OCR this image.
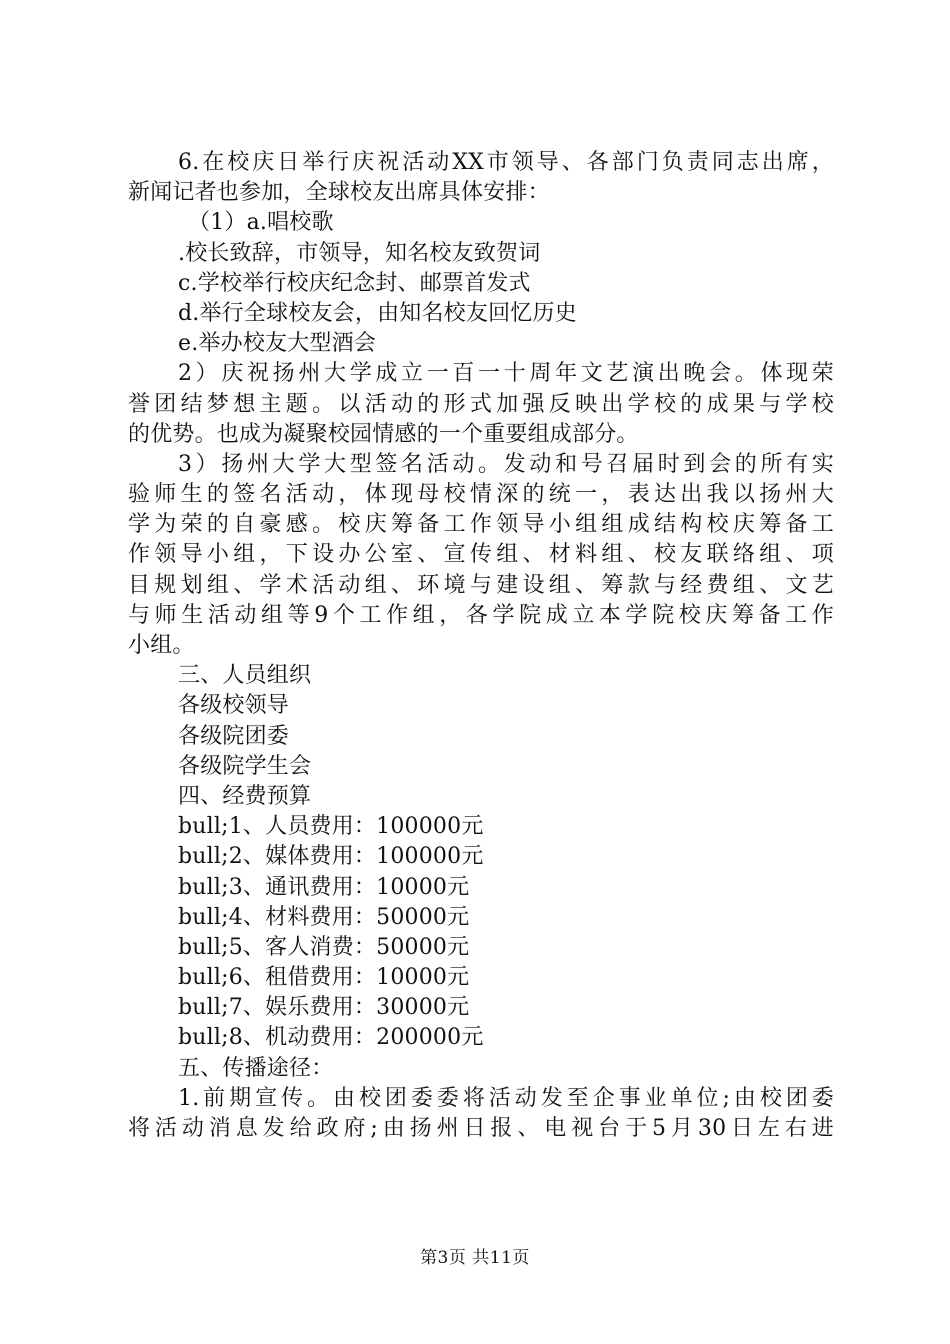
6.在校庆日举行庆祝活动XX市领导、各部门负责同志出席，
新闻记者也参加，全球校友出席具体安排：
（1）a.唱校歌
.校长致辞，市领导，知名校友致贺词
c.学校举行校庆纪念封、邮票首发式
d.举行全球校友会，由知名校友回忆历史
e.举办校友大型酒会
2）庆祝扬州大学成立一百一十周年文艺演出晚会。体现荣
誉团结梦想主题。以活动的形式加强反映出学校的成果与学校
的优势。也成为凝聚校园情感的一个重要组成部分。
3）扬州大学大型签名活动。发动和号召届时到会的所有实
验师生的签名活动，体现母校情深的统一，表达出我以扬州大
学为荣的自豪感。校庆筹备工作领导小组组成结构校庆筹备工
作领导小组，下设办公室、宣传组、材料组、校友联络组、项
目规划组、学术活动组、环境与建设组、筹款与经费组、文艺
与师生活动组等9个工作组，各学院成立本学院校庆筹备工作
小组。
三、人员组织
各级校领导
各级院团委
各级院学生会
四、经费预算
bull;1、人员费用：100000元
bull;2、媒体费用：100000元
bull;3、通讯费用：10000元
bull;4、材料费用：50000元
bull;5、客人消费：50000元
bull;6、租借费用：10000元
bull;7、娱乐费用：30000元
bull;8、机动费用：200000元
五、传播途径：
1.前期宣传。由校团委委将活动发至企事业单位;由校团委
将活动消息发给政府;由扬州日报、电视台于5月30日左右进
第3页 共11页
